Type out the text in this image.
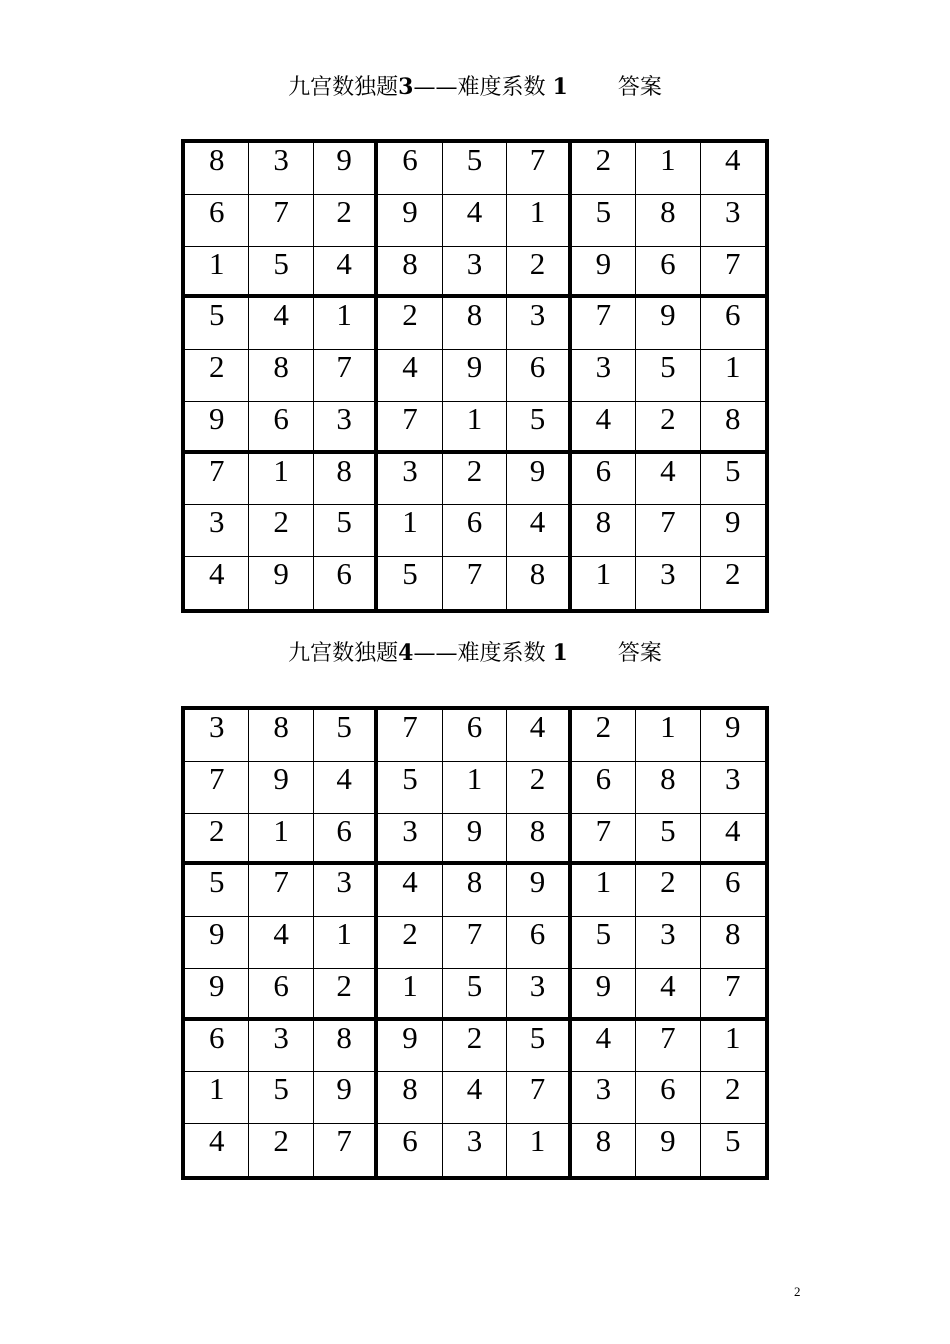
九宫数独题3——难度系数 1 答案
8	3	9	6	5	7	2	1	4
6	7	2	9	4	1	5	8	3
1	5	4	8	3	2	9	6	7
5	4	1	2	8	3	7	9	6
2	8	7	4	9	6	3	5	1
9	6	3	7	1	5	4	2	8
7	1	8	3	2	9	6	4	5
3	2	5	1	6	4	8	7	9
4	9	6	5	7	8	1	3	2
九宫数独题4——难度系数 1 答案
3	8	5	7	6	4	2	1	9
7	9	4	5	1	2	6	8	3
2	1	6	3	9	8	7	5	4
5	7	3	4	8	9	1	2	6
9	4	1	2	7	6	5	3	8
9	6	2	1	5	3	9	4	7
6	3	8	9	2	5	4	7	1
1	5	9	8	4	7	3	6	2
4	2	7	6	3	1	8	9	5
2
